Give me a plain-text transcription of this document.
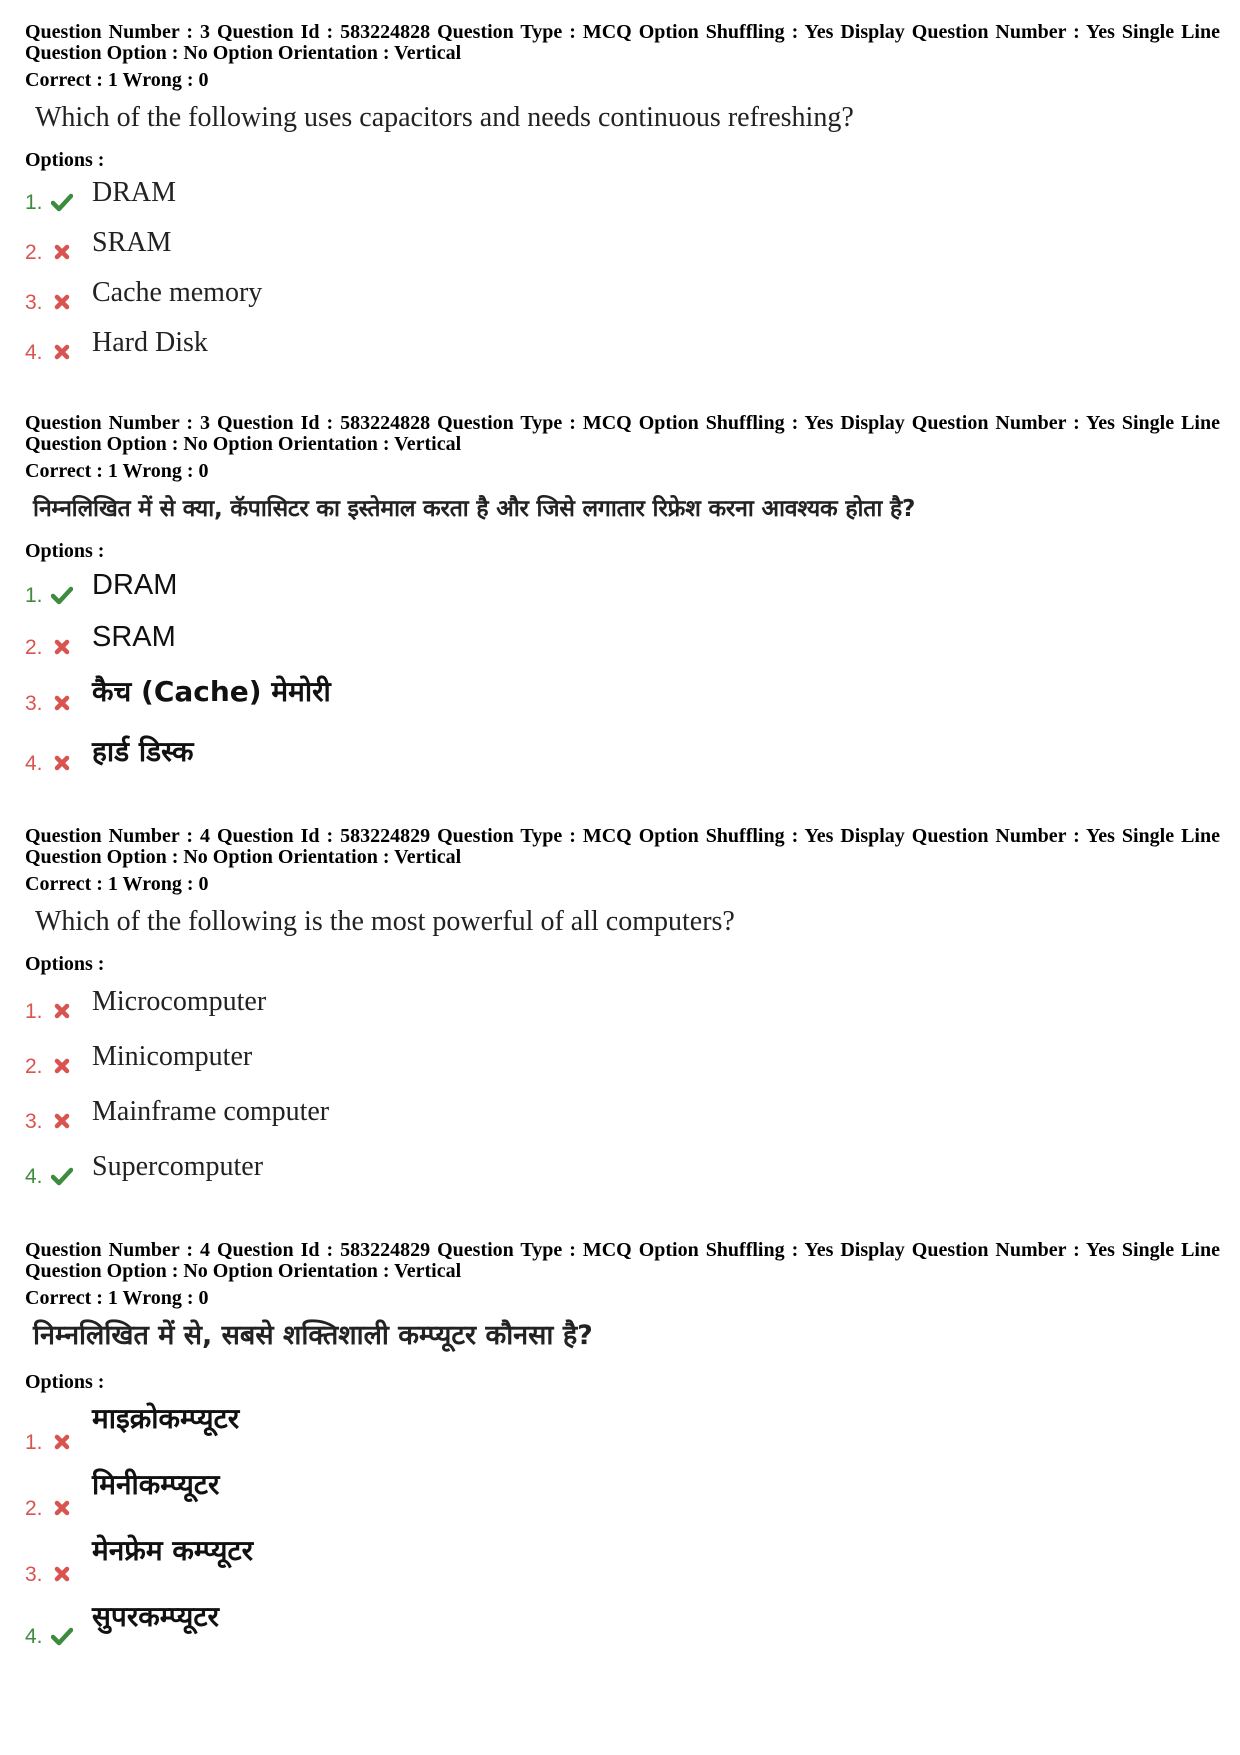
Question Number : 3 Question Id : 583224828 Question Type : MCQ Option Shuffling : Yes Display Question Number : Yes Single Line Question Option : No Option Orientation : Vertical
Correct : 1 Wrong : 0
Which of the following uses capacitors and needs continuous refreshing?
Options :
1. DRAM
2. SRAM
3. Cache memory
4. Hard Disk
Question Number : 3 Question Id : 583224828 Question Type : MCQ Option Shuffling : Yes Display Question Number : Yes Single Line Question Option : No Option Orientation : Vertical
Correct : 1 Wrong : 0
निम्नलिखित में से क्या, कॅपासिटर का इस्तेमाल करता है और जिसे लगातार रिफ्रेश करना आवश्यक होता है?
Options :
1. DRAM
2. SRAM
3. कैच (Cache) मेमोरी
4. हार्ड डिस्क
Question Number : 4 Question Id : 583224829 Question Type : MCQ Option Shuffling : Yes Display Question Number : Yes Single Line Question Option : No Option Orientation : Vertical
Correct : 1 Wrong : 0
Which of the following is the most powerful of all computers?
Options :
1. Microcomputer
2. Minicomputer
3. Mainframe computer
4. Supercomputer
Question Number : 4 Question Id : 583224829 Question Type : MCQ Option Shuffling : Yes Display Question Number : Yes Single Line Question Option : No Option Orientation : Vertical
Correct : 1 Wrong : 0
निम्नलिखित में से, सबसे शक्तिशाली कम्प्यूटर कौनसा है?
Options :
1.
माइक्रोकम्प्यूटर
2.
मिनीकम्प्यूटर
3.
मेनफ्रेम कम्प्यूटर
4.
सुपरकम्प्यूटर
